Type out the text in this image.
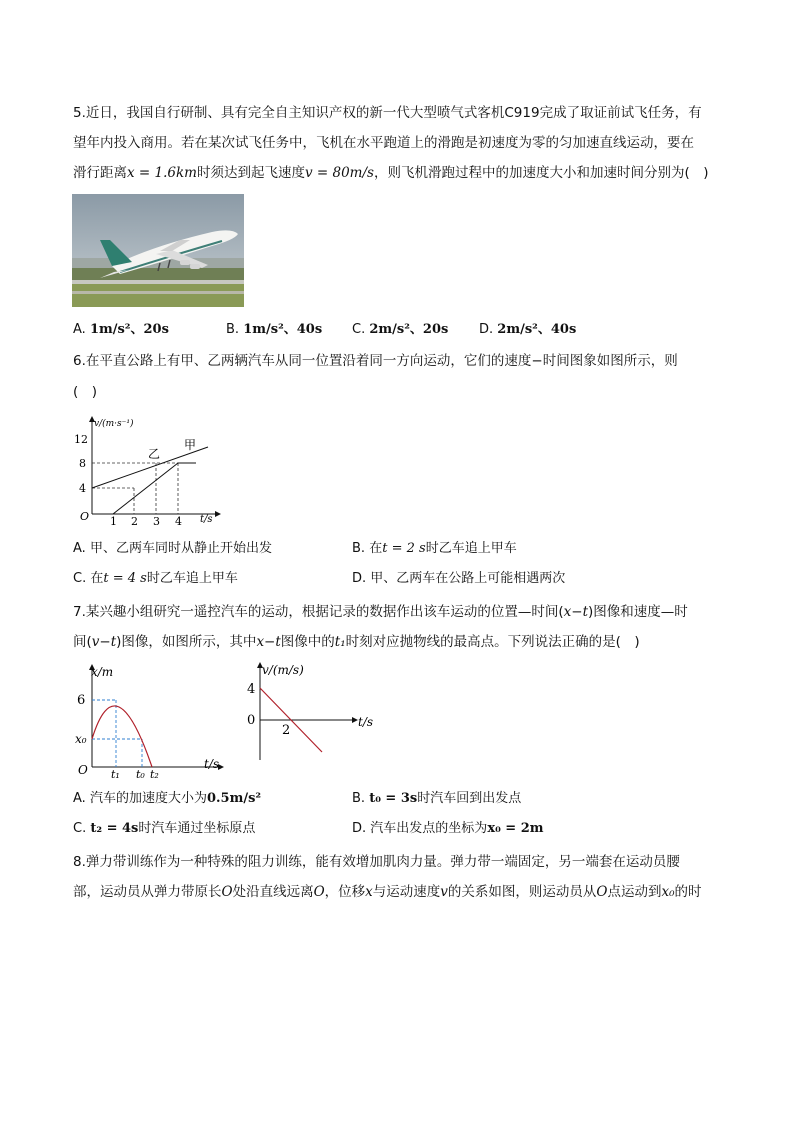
5.近日，我国自行研制、具有完全自主知识产权的新一代大型喷气式客机C919完成了取证前试飞任务，有
望年内投入商用。若在某次试飞任务中，飞机在水平跑道上的滑跑是初速度为零的匀加速直线运动，要在
滑行距离x = 1.6km时须达到起飞速度v = 80m/s，则飞机滑跑过程中的加速度大小和加速时间分别为(　)
A. 1m/s²、20s	B. 1m/s²、40s C. 2m/s²、20s D. 2m/s²、40s
6.在平直公路上有甲、乙两辆汽车从同一位置沿着同一方向运动，它们的速度−时间图象如图所示，则
(　)
v/(m·s⁻¹)
12
8
4
O 1 2 3 4 t/s
甲
乙
A. 甲、乙两车同时从静止开始出发	B. 在t = 2 s时乙车追上甲车
C. 在t = 4 s时乙车追上甲车	D. 甲、乙两车在公路上可能相遇两次
7.某兴趣小组研究一遥控汽车的运动，根据记录的数据作出该车运动的位置—时间(x−t)图像和速度—时
间(v−t)图像，如图所示，其中x−t图像中的t₁时刻对应抛物线的最高点。下列说法正确的是(　)
x/m
6
x₀
O t₁ t₀ t₂
t/s
v/(m/s)
4
0
2
t/s
A. 汽车的加速度大小为0.5m/s²	B. t₀ = 3s时汽车回到出发点
C. t₂ = 4s时汽车通过坐标原点	D. 汽车出发点的坐标为x₀ = 2m
8.弹力带训练作为一种特殊的阻力训练，能有效增加肌肉力量。弹力带一端固定，另一端套在运动员腰
部，运动员从弹力带原长O处沿直线远离O，位移x与运动速度v的关系如图，则运动员从O点运动到x₀的时
